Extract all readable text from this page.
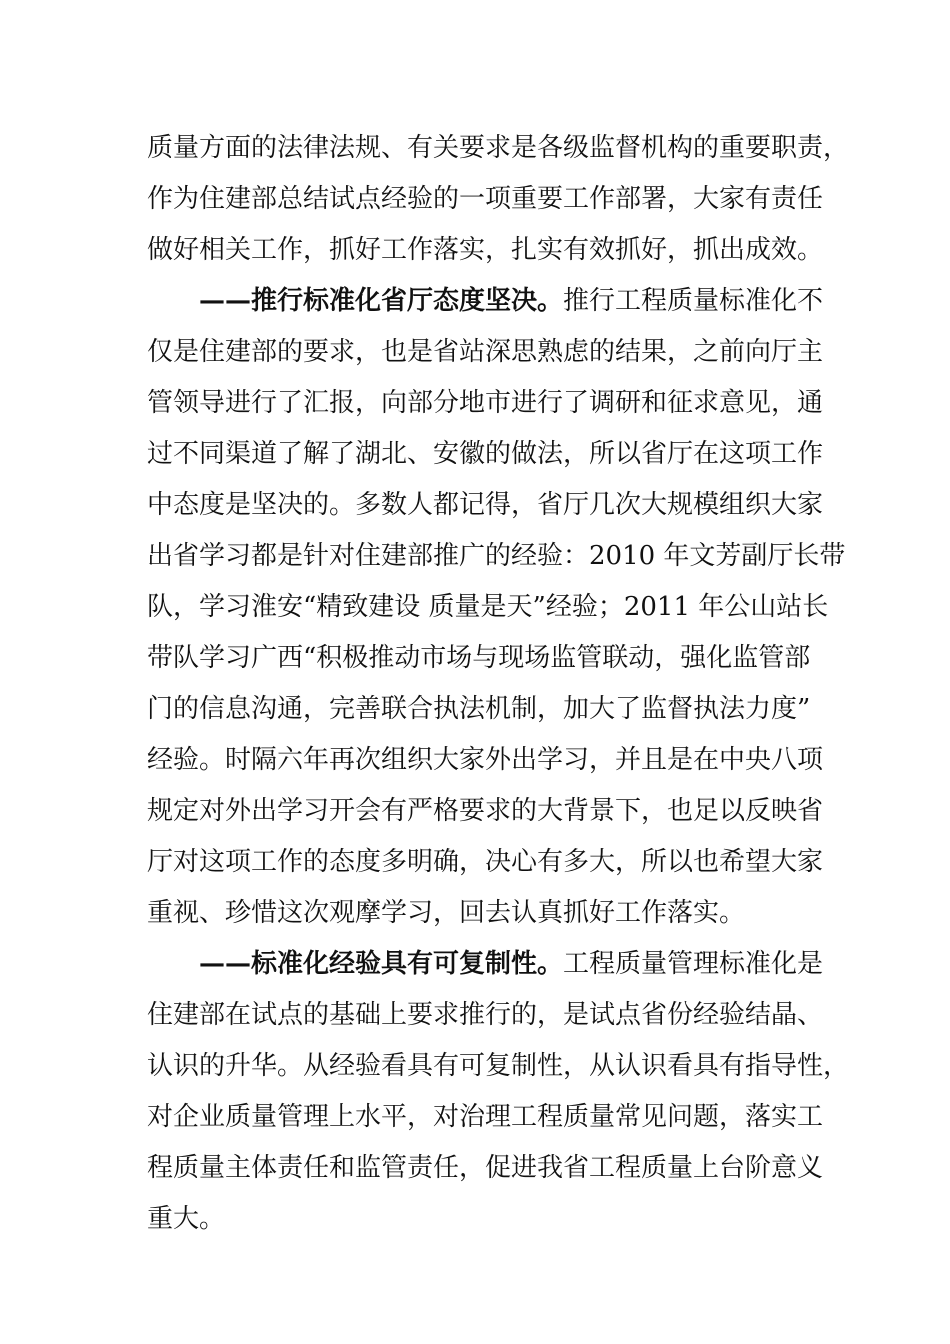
质量方面的法律法规、有关要求是各级监督机构的重要职责，
作为住建部总结试点经验的一项重要工作部署，大家有责任
做好相关工作，抓好工作落实，扎实有效抓好，抓出成效。
——推行标准化省厅态度坚决。推行工程质量标准化不
仅是住建部的要求，也是省站深思熟虑的结果，之前向厅主
管领导进行了汇报，向部分地市进行了调研和征求意见，通
过不同渠道了解了湖北、安徽的做法，所以省厅在这项工作
中态度是坚决的。多数人都记得，省厅几次大规模组织大家
出省学习都是针对住建部推广的经验：2010 年文芳副厅长带
队，学习淮安“精致建设 质量是天”经验；2011 年公山站长
带队学习广西“积极推动市场与现场监管联动，强化监管部
门的信息沟通，完善联合执法机制，加大了监督执法力度”
经验。时隔六年再次组织大家外出学习，并且是在中央八项
规定对外出学习开会有严格要求的大背景下，也足以反映省
厅对这项工作的态度多明确，决心有多大，所以也希望大家
重视、珍惜这次观摩学习，回去认真抓好工作落实。
——标准化经验具有可复制性。工程质量管理标准化是
住建部在试点的基础上要求推行的，是试点省份经验结晶、
认识的升华。从经验看具有可复制性，从认识看具有指导性，
对企业质量管理上水平，对治理工程质量常见问题，落实工
程质量主体责任和监管责任，促进我省工程质量上台阶意义
重大。
